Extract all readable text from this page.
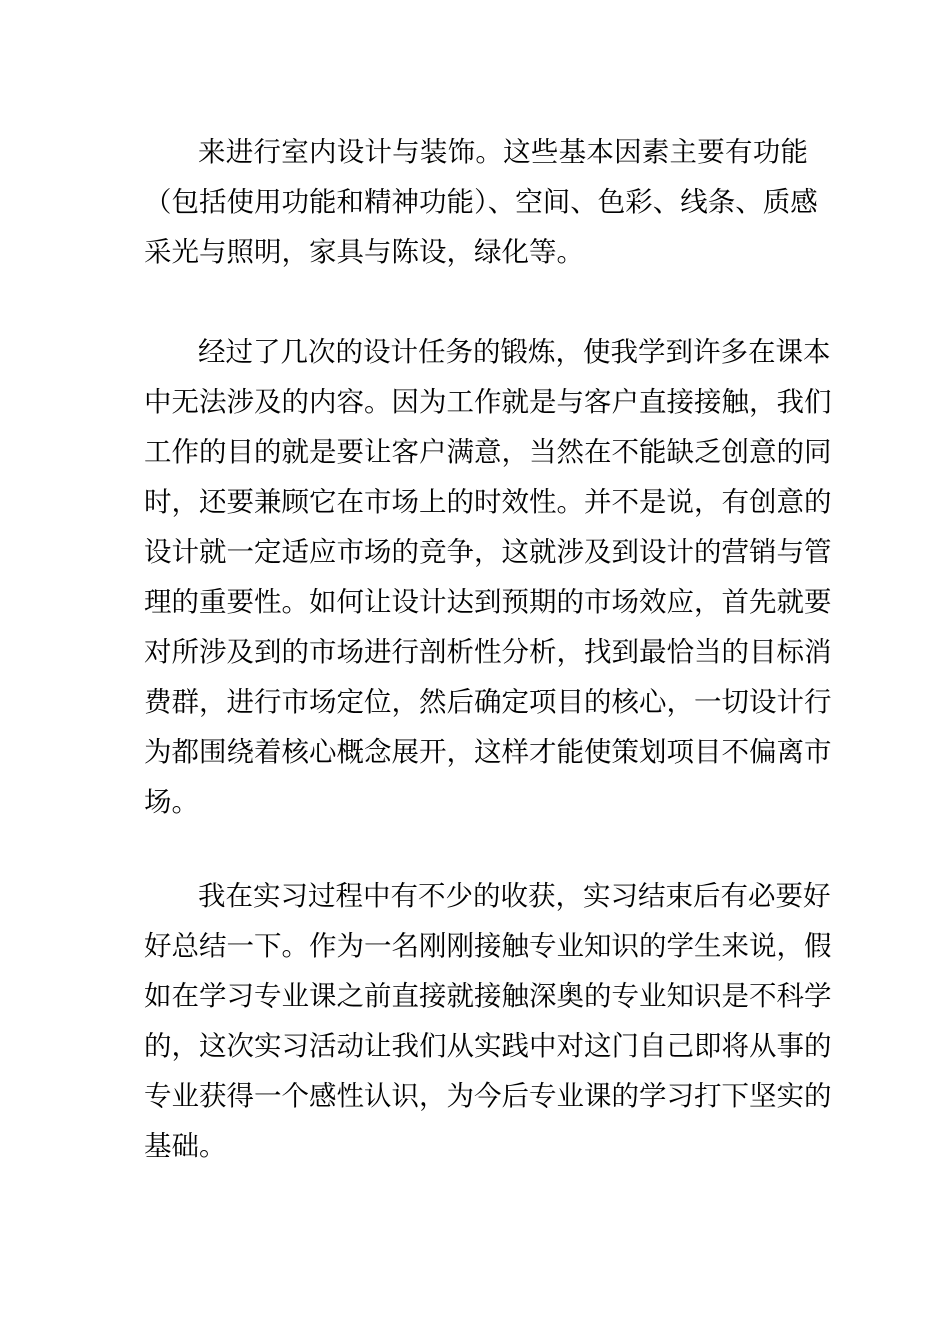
来进行室内设计与装饰。这些基本因素主要有功能
（包括使用功能和精神功能）、空间、色彩、线条、质感
采光与照明，家具与陈设，绿化等。
经过了几次的设计任务的锻炼，使我学到许多在课本
中无法涉及的内容。因为工作就是与客户直接接触，我们
工作的目的就是要让客户满意，当然在不能缺乏创意的同
时，还要兼顾它在市场上的时效性。并不是说，有创意的
设计就一定适应市场的竞争，这就涉及到设计的营销与管
理的重要性。如何让设计达到预期的市场效应，首先就要
对所涉及到的市场进行剖析性分析，找到最恰当的目标消
费群，进行市场定位，然后确定项目的核心，一切设计行
为都围绕着核心概念展开，这样才能使策划项目不偏离市
场。
我在实习过程中有不少的收获，实习结束后有必要好
好总结一下。作为一名刚刚接触专业知识的学生来说，假
如在学习专业课之前直接就接触深奥的专业知识是不科学
的，这次实习活动让我们从实践中对这门自己即将从事的
专业获得一个感性认识，为今后专业课的学习打下坚实的
基础。
